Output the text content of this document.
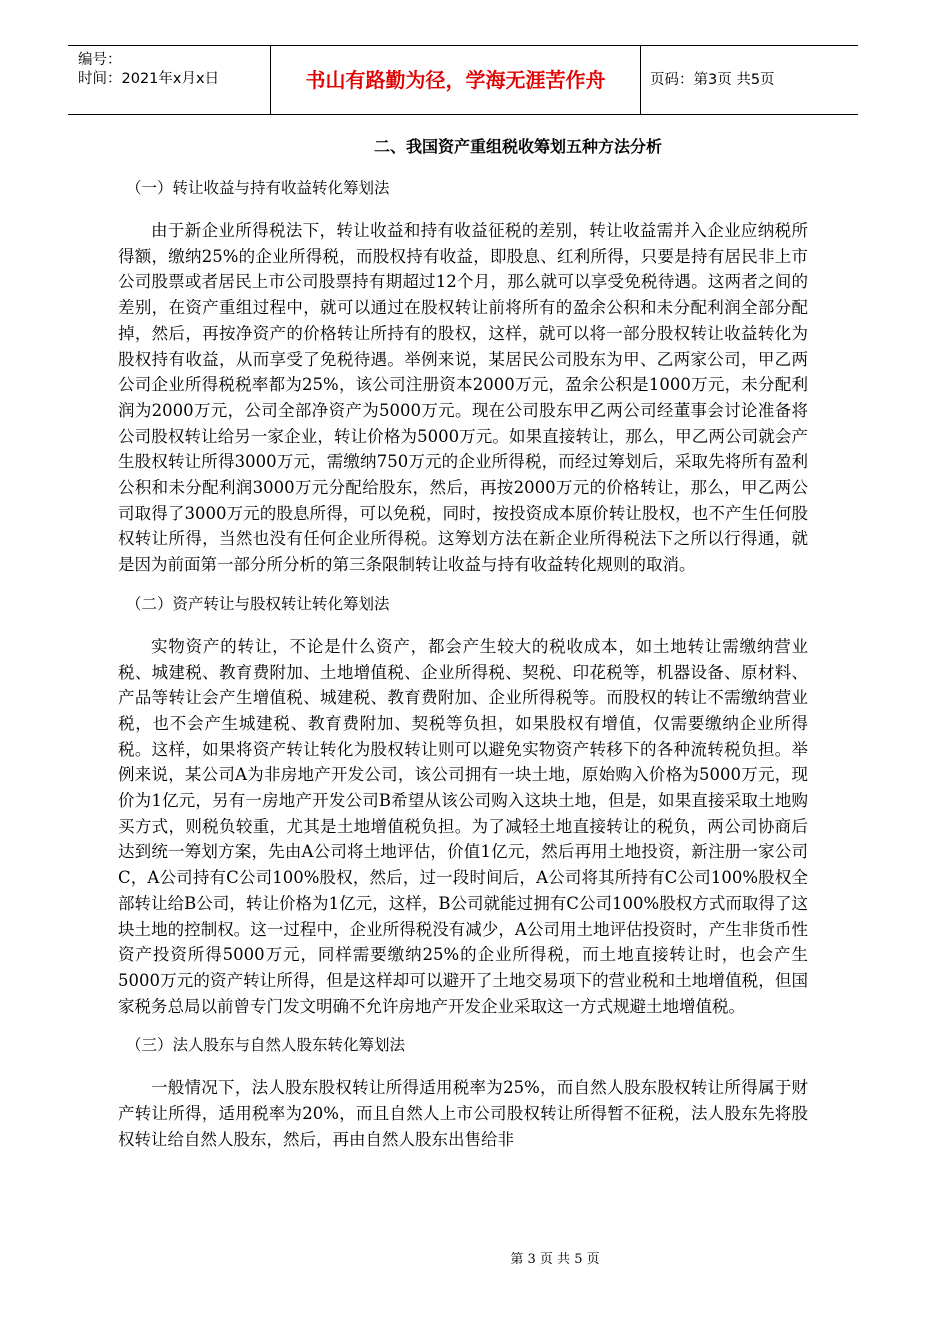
编号：
时间：2021年x月x日	书山有路勤为径，学海无涯苦作舟	页码：第3页 共5页
二、我国资产重组税收筹划五种方法分析
（一）转让收益与持有收益转化筹划法

由于新企业所得税法下，转让收益和持有收益征税的差别，转让收益需并入企业应纳税所得额，缴纳25%的企业所得税，而股权持有收益，即股息、红利所得，只要是持有居民非上市公司股票或者居民上市公司股票持有期超过12个月，那么就可以享受免税待遇。这两者之间的差别，在资产重组过程中，就可以通过在股权转让前将所有的盈余公积和未分配利润全部分配掉，然后，再按净资产的价格转让所持有的股权，这样，就可以将一部分股权转让收益转化为股权持有收益，从而享受了免税待遇。举例来说，某居民公司股东为甲、乙两家公司，甲乙两公司企业所得税税率都为25%，该公司注册资本2000万元，盈余公积是1000万元，未分配利润为2000万元，公司全部净资产为5000万元。现在公司股东甲乙两公司经董事会讨论准备将公司股权转让给另一家企业，转让价格为5000万元。如果直接转让，那么，甲乙两公司就会产生股权转让所得3000万元，需缴纳750万元的企业所得税，而经过筹划后，采取先将所有盈利公积和未分配利润3000万元分配给股东，然后，再按2000万元的价格转让，那么，甲乙两公司取得了3000万元的股息所得，可以免税，同时，按投资成本原价转让股权，也不产生任何股权转让所得，当然也没有任何企业所得税。这筹划方法在新企业所得税法下之所以行得通，就是因为前面第一部分所分析的第三条限制转让收益与持有收益转化规则的取消。

（二）资产转让与股权转让转化筹划法

实物资产的转让，不论是什么资产，都会产生较大的税收成本，如土地转让需缴纳营业税、城建税、教育费附加、土地增值税、企业所得税、契税、印花税等，机器设备、原材料、产品等转让会产生增值税、城建税、教育费附加、企业所得税等。而股权的转让不需缴纳营业税，也不会产生城建税、教育费附加、契税等负担，如果股权有增值，仅需要缴纳企业所得税。这样，如果将资产转让转化为股权转让则可以避免实物资产转移下的各种流转税负担。举例来说，某公司A为非房地产开发公司，该公司拥有一块土地，原始购入价格为5000万元，现价为1亿元，另有一房地产开发公司B希望从该公司购入这块土地，但是，如果直接采取土地购买方式，则税负较重，尤其是土地增值税负担。为了减轻土地直接转让的税负，两公司协商后达到统一筹划方案，先由A公司将土地评估，价值1亿元，然后再用土地投资，新注册一家公司C，A公司持有C公司100%股权，然后，过一段时间后，A公司将其所持有C公司100%股权全部转让给B公司，转让价格为1亿元，这样，B公司就能过拥有C公司100%股权方式而取得了这块土地的控制权。这一过程中，企业所得税没有减少，A公司用土地评估投资时，产生非货币性资产投资所得5000万元，同样需要缴纳25%的企业所得税，而土地直接转让时，也会产生5000万元的资产转让所得，但是这样却可以避开了土地交易项下的营业税和土地增值税，但国家税务总局以前曾专门发文明确不允许房地产开发企业采取这一方式规避土地增值税。

（三）法人股东与自然人股东转化筹划法

一般情况下，法人股东股权转让所得适用税率为25%，而自然人股东股权转让所得属于财产转让所得，适用税率为20%，而且自然人上市公司股权转让所得暂不征税，法人股东先将股权转让给自然人股东，然后，再由自然人股东出售给非

第 3 页 共 5 页
